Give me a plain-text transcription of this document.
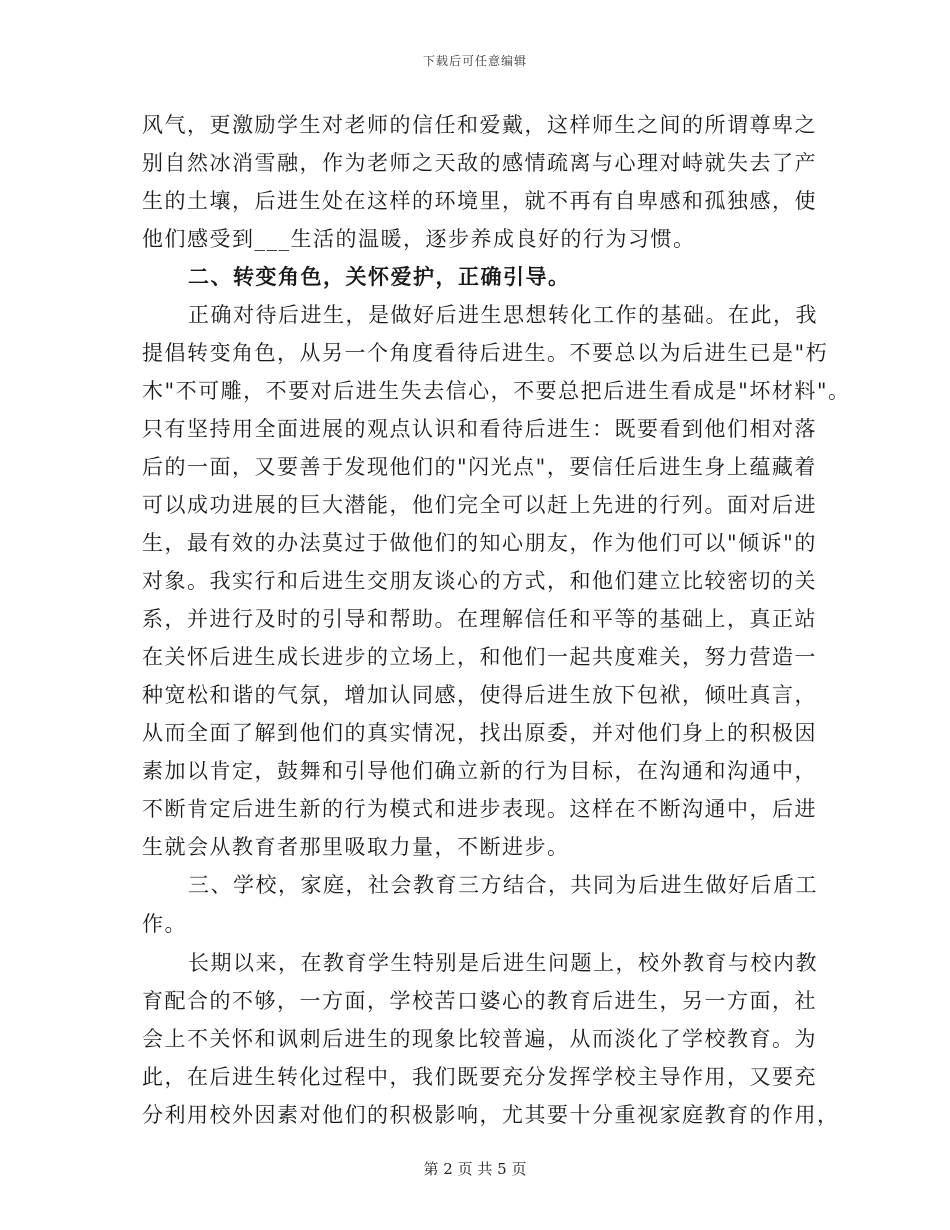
下载后可任意编辑
风气，更激励学生对老师的信任和爱戴，这样师生之间的所谓尊卑之
别自然冰消雪融，作为老师之天敌的感情疏离与心理对峙就失去了产
生的土壤，后进生处在这样的环境里，就不再有自卑感和孤独感，使
他们感受到___生活的温暖，逐步养成良好的行为习惯。
二、转变角色，关怀爱护，正确引导。
正确对待后进生，是做好后进生思想转化工作的基础。在此，我
提倡转变角色，从另一个角度看待后进生。不要总以为后进生已是"朽
木"不可雕，不要对后进生失去信心，不要总把后进生看成是"坏材料"。
只有坚持用全面进展的观点认识和看待后进生：既要看到他们相对落
后的一面，又要善于发现他们的"闪光点"，要信任后进生身上蕴藏着
可以成功进展的巨大潜能，他们完全可以赶上先进的行列。面对后进
生，最有效的办法莫过于做他们的知心朋友，作为他们可以"倾诉"的
对象。我实行和后进生交朋友谈心的方式，和他们建立比较密切的关
系，并进行及时的引导和帮助。在理解信任和平等的基础上，真正站
在关怀后进生成长进步的立场上，和他们一起共度难关，努力营造一
种宽松和谐的气氛，增加认同感，使得后进生放下包袱，倾吐真言，
从而全面了解到他们的真实情况，找出原委，并对他们身上的积极因
素加以肯定，鼓舞和引导他们确立新的行为目标，在沟通和沟通中，
不断肯定后进生新的行为模式和进步表现。这样在不断沟通中，后进
生就会从教育者那里吸取力量，不断进步。
三、学校，家庭，社会教育三方结合，共同为后进生做好后盾工
作。
长期以来，在教育学生特别是后进生问题上，校外教育与校内教
育配合的不够，一方面，学校苦口婆心的教育后进生，另一方面，社
会上不关怀和讽刺后进生的现象比较普遍，从而淡化了学校教育。为
此，在后进生转化过程中，我们既要充分发挥学校主导作用，又要充
分利用校外因素对他们的积极影响，尤其要十分重视家庭教育的作用，
第 2 页 共 5 页
